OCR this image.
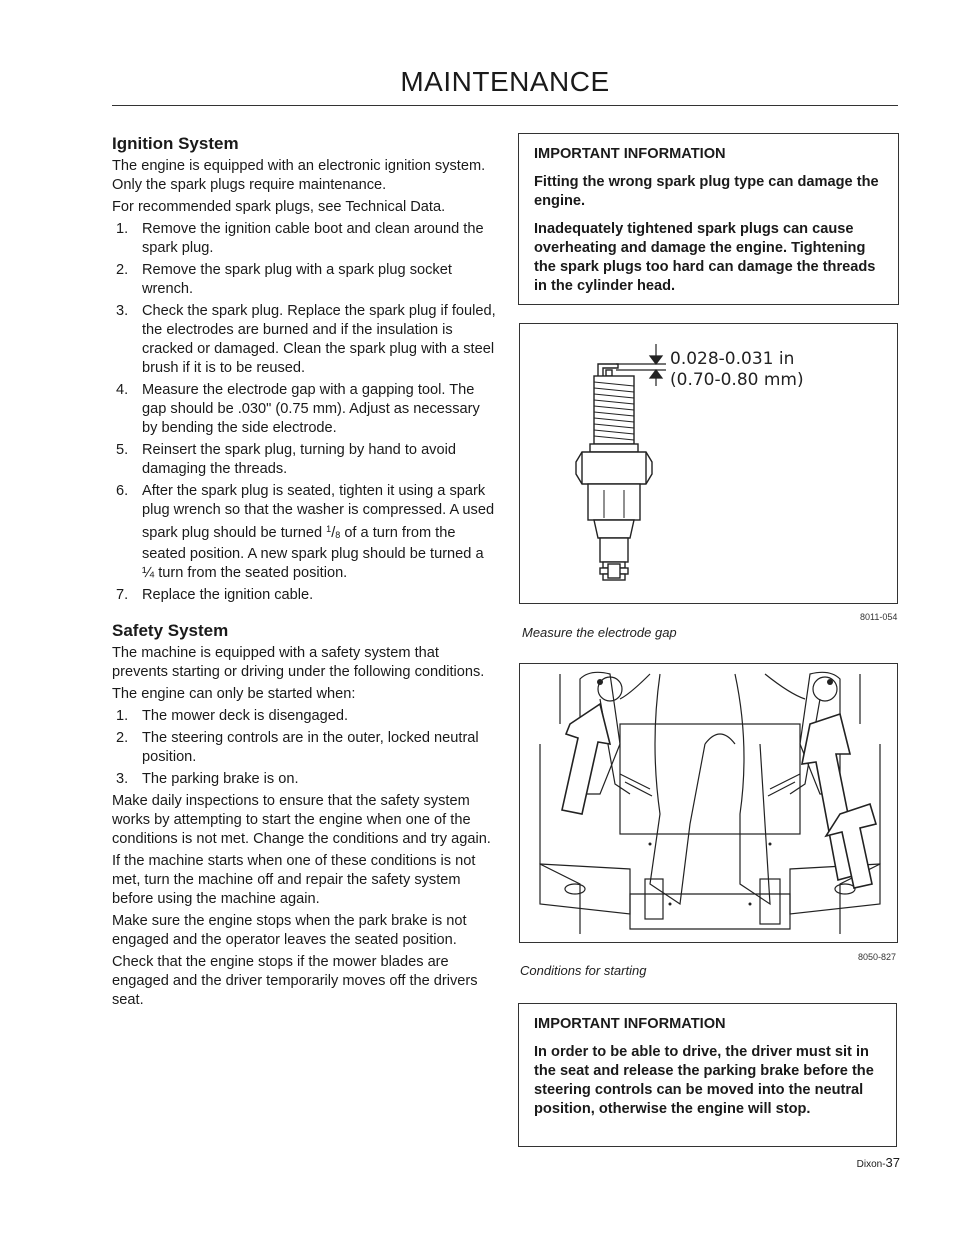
MAINTENANCE
Ignition System

The engine is equipped with an electronic ignition system. Only the spark plugs require maintenance.

For recommended spark plugs, see Technical Data.

1. Remove the ignition cable boot and clean around the spark plug.
2. Remove the spark plug with a spark plug socket wrench.
3. Check the spark plug. Replace the spark plug if fouled, the electrodes are burned and if the insulation is cracked or damaged. Clean the spark plug with a steel brush if it is to be reused.
4. Measure the electrode gap with a gapping tool. The gap should be .030" (0.75 mm). Adjust as necessary by bending the side electrode.
5. Reinsert the spark plug, turning by hand to avoid damaging the threads.
6. After the spark plug is seated, tighten it using a spark plug wrench so that the washer is compressed. A used spark plug should be turned $^1/_8$ of a turn from the seated position. A new spark plug should be turned a ¼ turn from the seated position.
7. Replace the ignition cable.
Safety System

The machine is equipped with a safety system that prevents starting or driving under the following conditions.

The engine can only be started when:

1. The mower deck is disengaged.
2. The steering controls are in the outer, locked neutral position.
3. The parking brake is on.

Make daily inspections to ensure that the safety system works by attempting to start the engine when one of the conditions is not met. Change the conditions and try again.

If the machine starts when one of these conditions is not met, turn the machine off and repair the safety system before using the machine again.

Make sure the engine stops when the park brake is not engaged and the operator leaves the seated position.

Check that the engine stops if the mower blades are engaged and the driver temporarily moves off the drivers seat.

IMPORTANT INFORMATION

Fitting the wrong spark plug type can damage the engine.

Inadequately tightened spark plugs can cause overheating and damage the engine. Tightening the spark plugs too hard can damage the threads in the cylinder head.

0.028-0.031 in
(0.70-0.80 mm)
8011-054
Measure the electrode gap
8050-827
Conditions for starting
IMPORTANT INFORMATION

In order to be able to drive, the driver must sit in the seat and release the parking brake before the steering controls can be moved into the neutral position, otherwise the engine will stop.

Dixon-37
